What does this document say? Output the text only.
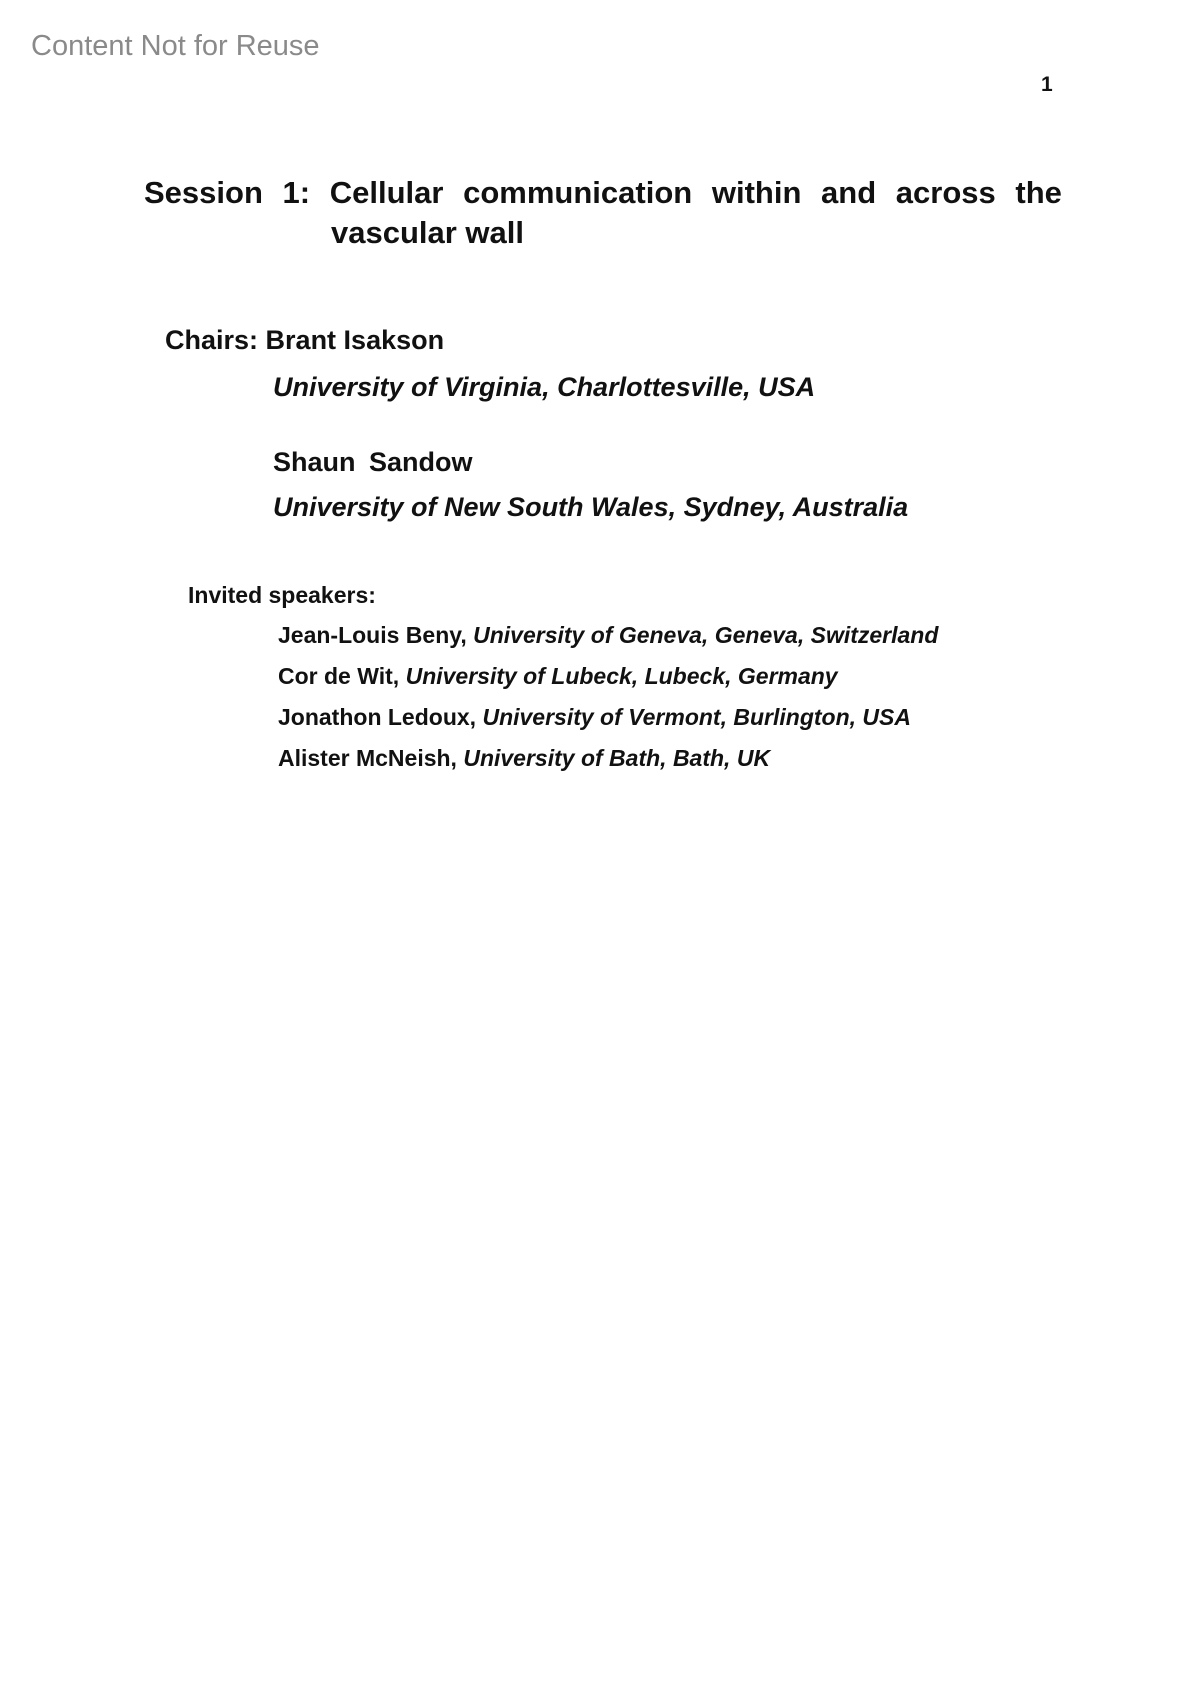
Content Not for Reuse
1
Session 1: Cellular communication within and across the
vascular wall
Chairs: Brant Isakson
University of Virginia, Charlottesville, USA
Shaun Sandow
University of New South Wales, Sydney, Australia
Invited speakers:
Jean-Louis Beny, University of Geneva, Geneva, Switzerland
Cor de Wit, University of Lubeck, Lubeck, Germany
Jonathon Ledoux, University of Vermont, Burlington, USA
Alister McNeish, University of Bath, Bath, UK
